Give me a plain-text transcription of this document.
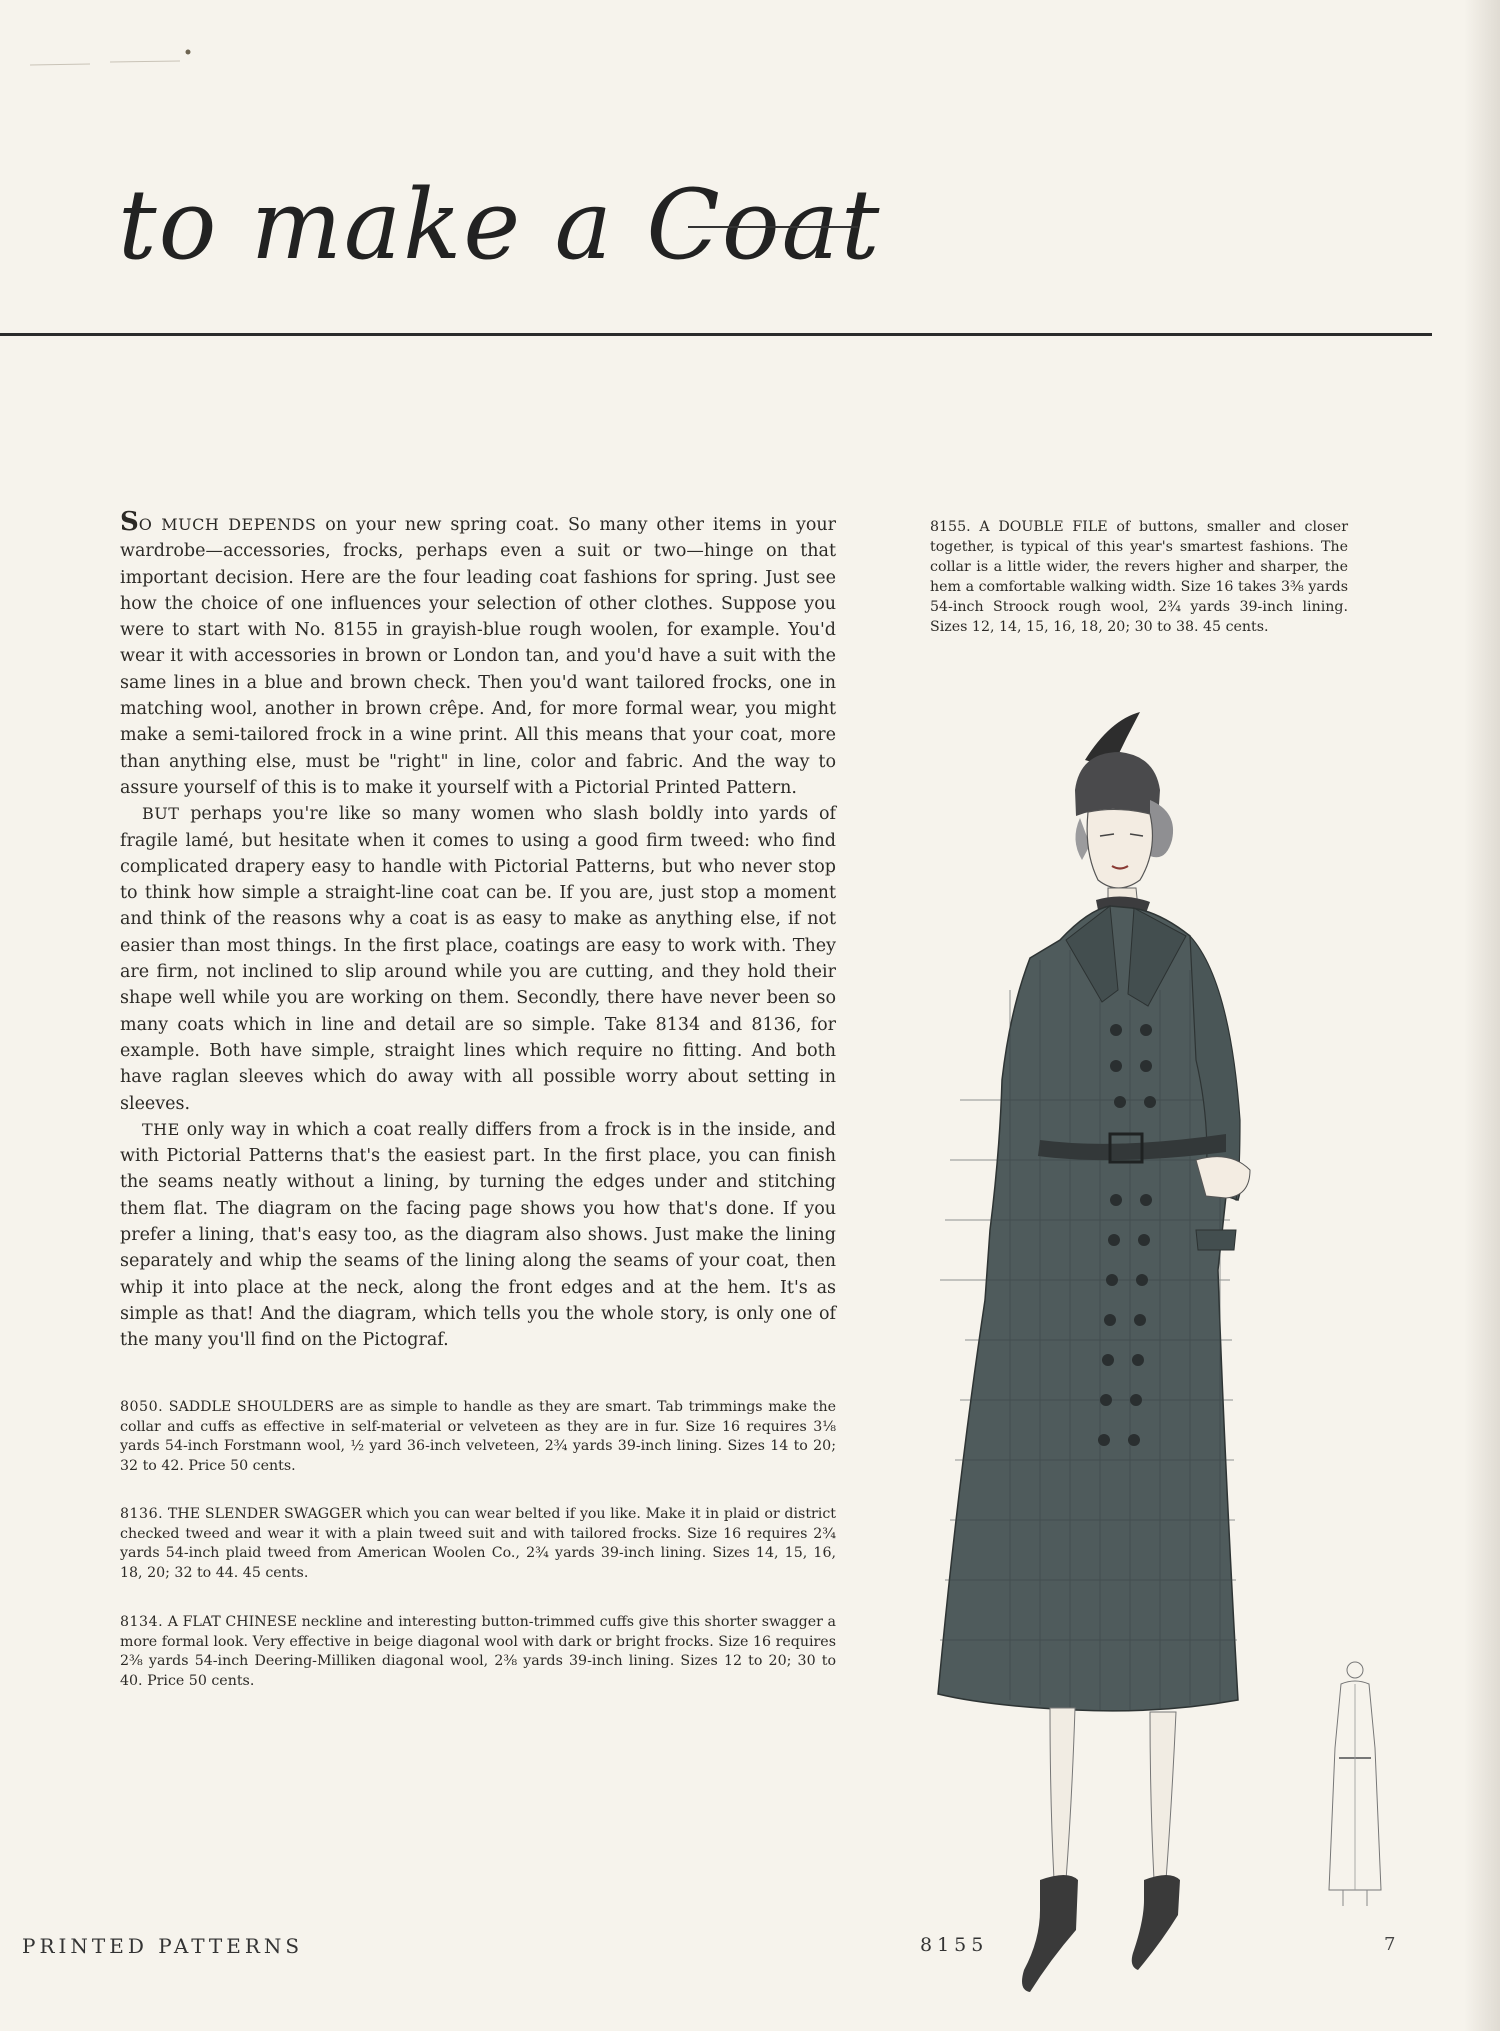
to make a Coat

SO MUCH DEPENDS on your new spring coat. So many other items in your wardrobe—accessories, frocks, perhaps even a suit or two—hinge on that important decision. Here are the four leading coat fashions for spring. Just see how the choice of one influences your selection of other clothes. Suppose you were to start with No. 8155 in grayish-blue rough woolen, for example. You'd wear it with accessories in brown or London tan, and you'd have a suit with the same lines in a blue and brown check. Then you'd want tailored frocks, one in matching wool, another in brown crêpe. And, for more formal wear, you might make a semi-tailored frock in a wine print. All this means that your coat, more than anything else, must be "right" in line, color and fabric. And the way to assure yourself of this is to make it yourself with a Pictorial Printed Pattern.

BUT perhaps you're like so many women who slash boldly into yards of fragile lamé, but hesitate when it comes to using a good firm tweed: who find complicated drapery easy to handle with Pictorial Patterns, but who never stop to think how simple a straight-line coat can be. If you are, just stop a moment and think of the reasons why a coat is as easy to make as anything else, if not easier than most things. In the first place, coatings are easy to work with. They are firm, not inclined to slip around while you are cutting, and they hold their shape well while you are working on them. Secondly, there have never been so many coats which in line and detail are so simple. Take 8134 and 8136, for example. Both have simple, straight lines which require no fitting. And both have raglan sleeves which do away with all possible worry about setting in sleeves.

THE only way in which a coat really differs from a frock is in the inside, and with Pictorial Patterns that's the easiest part. In the first place, you can finish the seams neatly without a lining, by turning the edges under and stitching them flat. The diagram on the facing page shows you how that's done. If you prefer a lining, that's easy too, as the diagram also shows. Just make the lining separately and whip the seams of the lining along the seams of your coat, then whip it into place at the neck, along the front edges and at the hem. It's as simple as that! And the diagram, which tells you the whole story, is only one of the many you'll find on the Pictograf.

8050. SADDLE SHOULDERS are as simple to handle as they are smart. Tab trimmings make the collar and cuffs as effective in self-material or velveteen as they are in fur. Size 16 requires 3⅛ yards 54-inch Forstmann wool, ½ yard 36-inch velveteen, 2¾ yards 39-inch lining. Sizes 14 to 20; 32 to 42. Price 50 cents.

8136. THE SLENDER SWAGGER which you can wear belted if you like. Make it in plaid or district checked tweed and wear it with a plain tweed suit and with tailored frocks. Size 16 requires 2¾ yards 54-inch plaid tweed from American Woolen Co., 2¾ yards 39-inch lining. Sizes 14, 15, 16, 18, 20; 32 to 44. 45 cents.

8134. A FLAT CHINESE neckline and interesting button-trimmed cuffs give this shorter swagger a more formal look. Very effective in beige diagonal wool with dark or bright frocks. Size 16 requires 2⅜ yards 54-inch Deering-Milliken diagonal wool, 2⅜ yards 39-inch lining. Sizes 12 to 20; 30 to 40. Price 50 cents.

8155. A DOUBLE FILE of buttons, smaller and closer together, is typical of this year's smartest fashions. The collar is a little wider, the revers higher and sharper, the hem a comfortable walking width. Size 16 takes 3⅜ yards 54-inch Stroock rough wool, 2¾ yards 39-inch lining. Sizes 12, 14, 15, 16, 18, 20; 30 to 38. 45 cents.

PRINTED PATTERNS	8155	7
